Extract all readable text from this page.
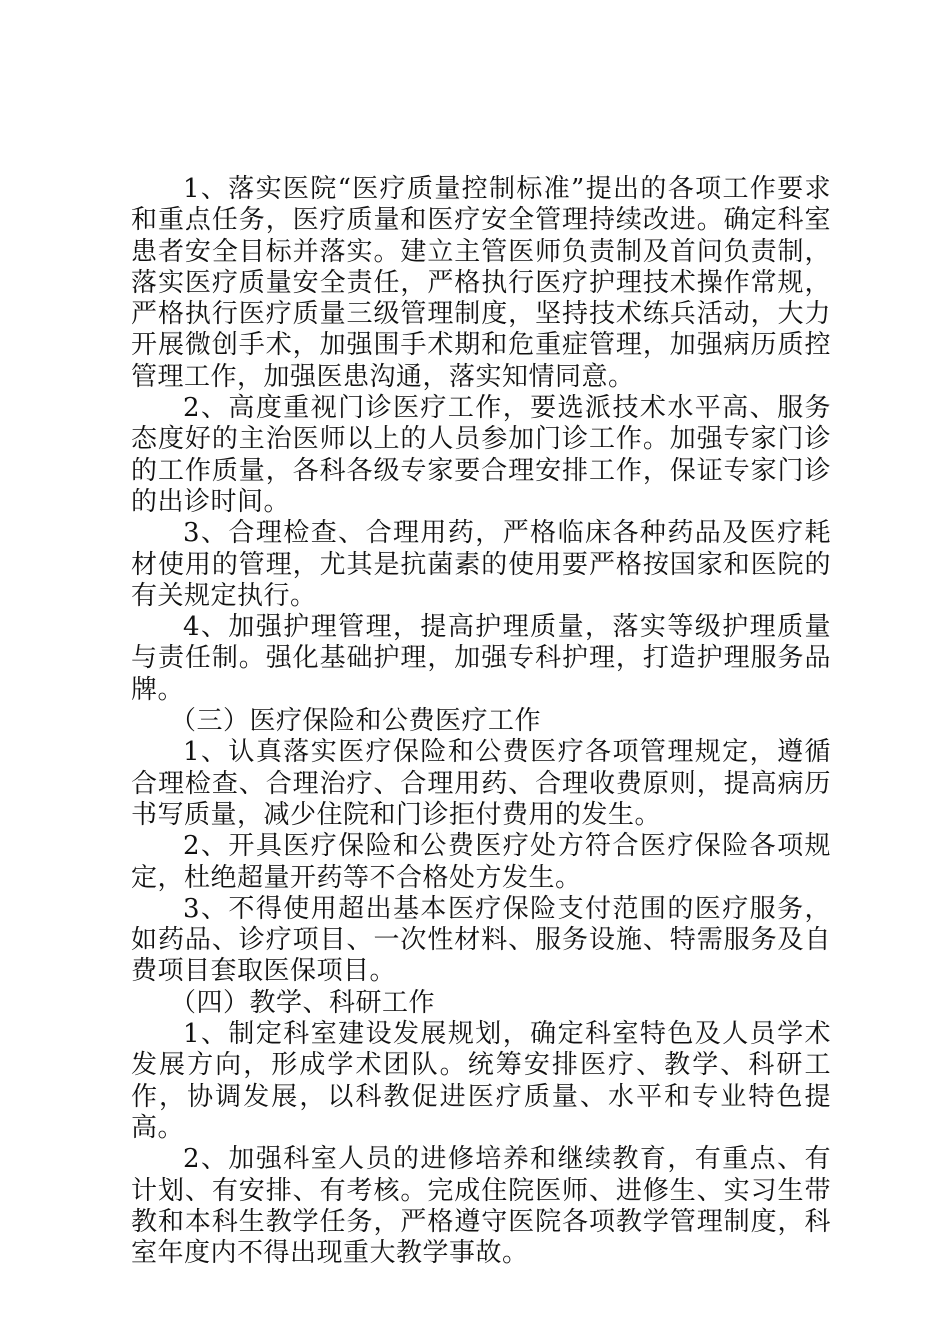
1、落实医院“医疗质量控制标准”提出的各项工作要求和重点任务，医疗质量和医疗安全管理持续改进。确定科室患者安全目标并落实。建立主管医师负责制及首问负责制，落实医疗质量安全责任，严格执行医疗护理技术操作常规，严格执行医疗质量三级管理制度，坚持技术练兵活动，大力开展微创手术，加强围手术期和危重症管理，加强病历质控管理工作，加强医患沟通，落实知情同意。

2、高度重视门诊医疗工作，要选派技术水平高、服务态度好的主治医师以上的人员参加门诊工作。加强专家门诊的工作质量，各科各级专家要合理安排工作，保证专家门诊的出诊时间。

3、合理检查、合理用药，严格临床各种药品及医疗耗材使用的管理，尤其是抗菌素的使用要严格按国家和医院的有关规定执行。

4、加强护理管理，提高护理质量，落实等级护理质量与责任制。强化基础护理，加强专科护理，打造护理服务品牌。

（三）医疗保险和公费医疗工作

1、认真落实医疗保险和公费医疗各项管理规定，遵循合理检查、合理治疗、合理用药、合理收费原则，提高病历书写质量，减少住院和门诊拒付费用的发生。

2、开具医疗保险和公费医疗处方符合医疗保险各项规定，杜绝超量开药等不合格处方发生。

3、不得使用超出基本医疗保险支付范围的医疗服务，如药品、诊疗项目、一次性材料、服务设施、特需服务及自费项目套取医保项目。

（四）教学、科研工作

1、制定科室建设发展规划，确定科室特色及人员学术发展方向，形成学术团队。统筹安排医疗、教学、科研工作，协调发展，以科教促进医疗质量、水平和专业特色提高。

2、加强科室人员的进修培养和继续教育，有重点、有计划、有安排、有考核。完成住院医师、进修生、实习生带教和本科生教学任务，严格遵守医院各项教学管理制度，科室年度内不得出现重大教学事故。
